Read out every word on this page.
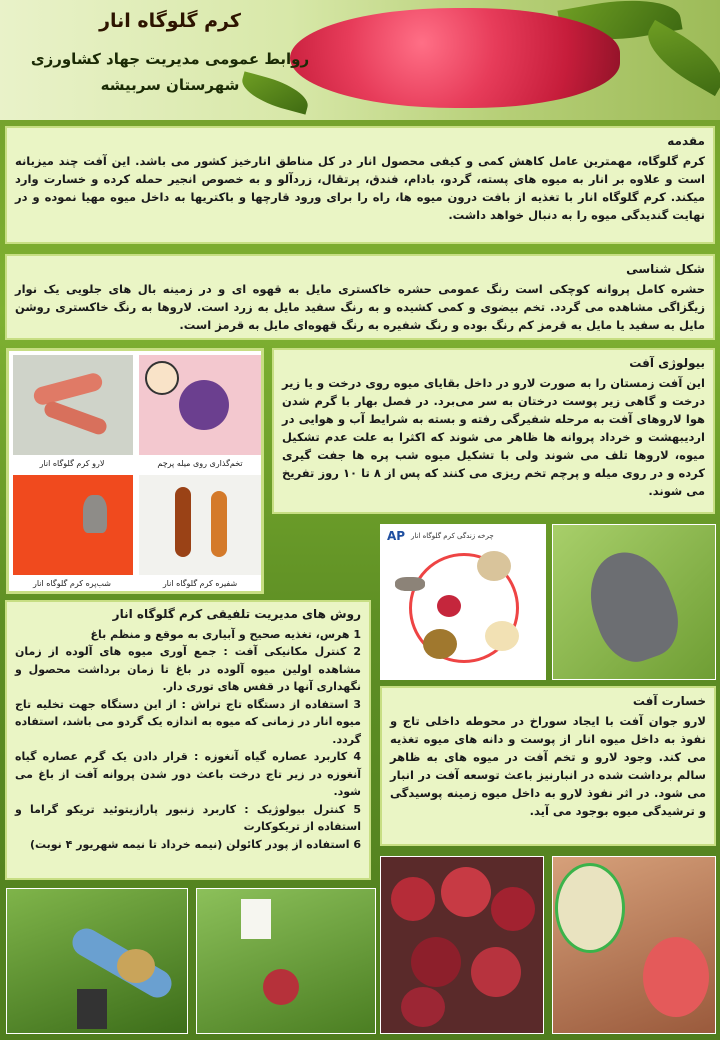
کرم گلوگاه انار
روابط عمومی مدیریت جهاد کشاورزی
شهرستان سربیشه
مقدمه

کرم گلوگاه، مهمترین عامل کاهش کمی و کیفی محصول انار در کل مناطق انارخیز کشور می باشد. این آفت چند میزبانه است و علاوه بر انار به میوه های پسته، گردو، بادام، فندق، پرتقال، زردآلو و به خصوص انجیر حمله کرده و خسارت وارد میکند. کرم گلوگاه انار با تغذیه از بافت درون میوه ها، راه را برای ورود قارچها و باکتریها به داخل میوه مهیا نموده و در نهایت گندیدگی میوه را به دنبال خواهد داشت.

شکل شناسی

حشره کامل پروانه کوچکی است رنگ عمومی حشره خاکستری مایل به قهوه ای و در زمینه بال های جلویی یک نوار زیگزاگی مشاهده می گردد. تخم بیضوی و کمی کشیده و به رنگ سفید مایل به زرد است. لاروها به رنگ خاکستری روشن مایل به سفید یا مایل به قرمز کم رنگ بوده و رنگ شفیره به رنگ قهوه‌ای مایل به قرمز است.

لارو کرم گلوگاه انار	تخم‌گذاری روی میله پرچم
شب‌پره کرم گلوگاه انار	شفیره کرم گلوگاه انار
بیولوژی آفت

این آفت زمستان را به صورت لارو در داخل بقایای میوه روی درخت و یا زیر درخت و گاهی زیر پوست درختان به سر می‌برد. در فصل بهار با گرم شدن هوا لاروهای آفت به مرحله شفیرگی رفته و بسته به شرایط آب و هوایی در اردیبهشت و خرداد پروانه ها ظاهر می شوند که اکثرا به علت عدم تشکیل میوه، لاروها تلف می شوند ولی با تشکیل میوه شب پره ها جفت گیری کرده و در روی میله و پرچم تخم ریزی می کنند که پس از ۸ تا ۱۰ روز تفریخ می شوند.

AP چرخه زندگی کرم گلوگاه انار
روش های مدیریت تلفیقی کرم گلوگاه انار
1 هرس، تغذیه صحیح و آبیاری به موقع و منظم باغ
2 کنترل مکانیکی آفت : جمع آوری میوه های آلوده از زمان مشاهده اولین میوه آلوده در باغ تا زمان برداشت محصول و نگهداری آنها در قفس های توری دار.
3 استفاده از دستگاه تاج تراش : از این دستگاه جهت تخلیه تاج میوه انار در زمانی که میوه به اندازه یک گردو می باشد، استفاده گردد.
4 کاربرد عصاره گیاه آنغوزه : قرار دادن یک گرم عصاره گیاه آنغوزه در زیر تاج درخت باعث دور شدن پروانه آفت از باغ می شود.
5 کنترل بیولوژیک : کاربرد زنبور پارازیتوئید تریکو گراما و استفاده از تریکوکارت
6 استفاده از پودر کائولن (نیمه خرداد تا نیمه شهریور ۴ نوبت)
خسارت آفت

لارو جوان آفت با ایجاد سوراخ در محوطه داخلی تاج و نفوذ به داخل میوه انار از پوست و دانه های میوه تغذیه می کند. وجود لارو و تخم آفت در میوه های به ظاهر سالم برداشت شده در انبارنیز باعث توسعه آفت در انبار می شود. در اثر نفوذ لارو به داخل میوه زمینه پوسیدگی و ترشیدگی میوه بوجود می آید.
